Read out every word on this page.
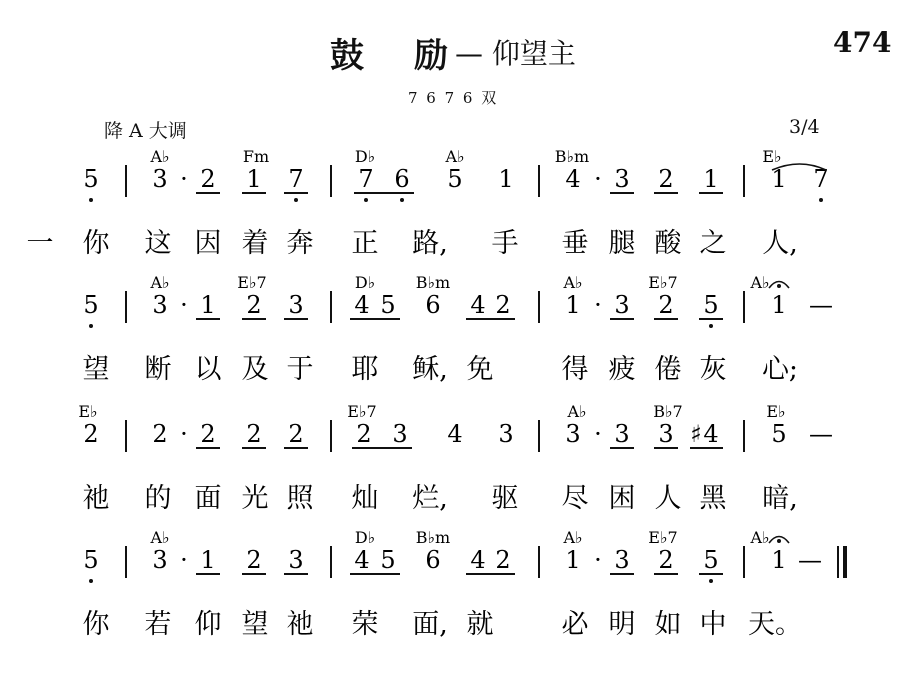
鼓　励 — 仰望主	474
7 6 7 6 双
降 A 大调	3/4
A♭	Fm	D♭	A♭	B♭m	E♭
5 3 · 2 1 7 7 6 5 1 4 · 3 2 1 1 7
一 你 这 因 着 奔 正 路, 手 垂 腿 酸 之 人,
A♭	E♭7	D♭	B♭m	A♭	E♭7	A♭
5 3 · 1 2 3 4 5 6 4 2 1 · 3 2 5 1 —
望 断 以 及 于 耶 稣, 免	得 疲 倦 灰 心;
E♭	E♭7	A♭	B♭7	E♭
2 2 · 2 2 2 2 3 4 3 3 · 3 3 4 5 —
祂 的 面 光 照 灿 烂, 驱 尽 困 人 黑 暗,
A♭	D♭	B♭m	A♭	E♭7	A♭
5 3 · 1 2 3 4 5 6 4 2 1 · 3 2 5 1 —
你 若 仰 望 祂 荣 面, 就	必 明 如 中 天。
♯
